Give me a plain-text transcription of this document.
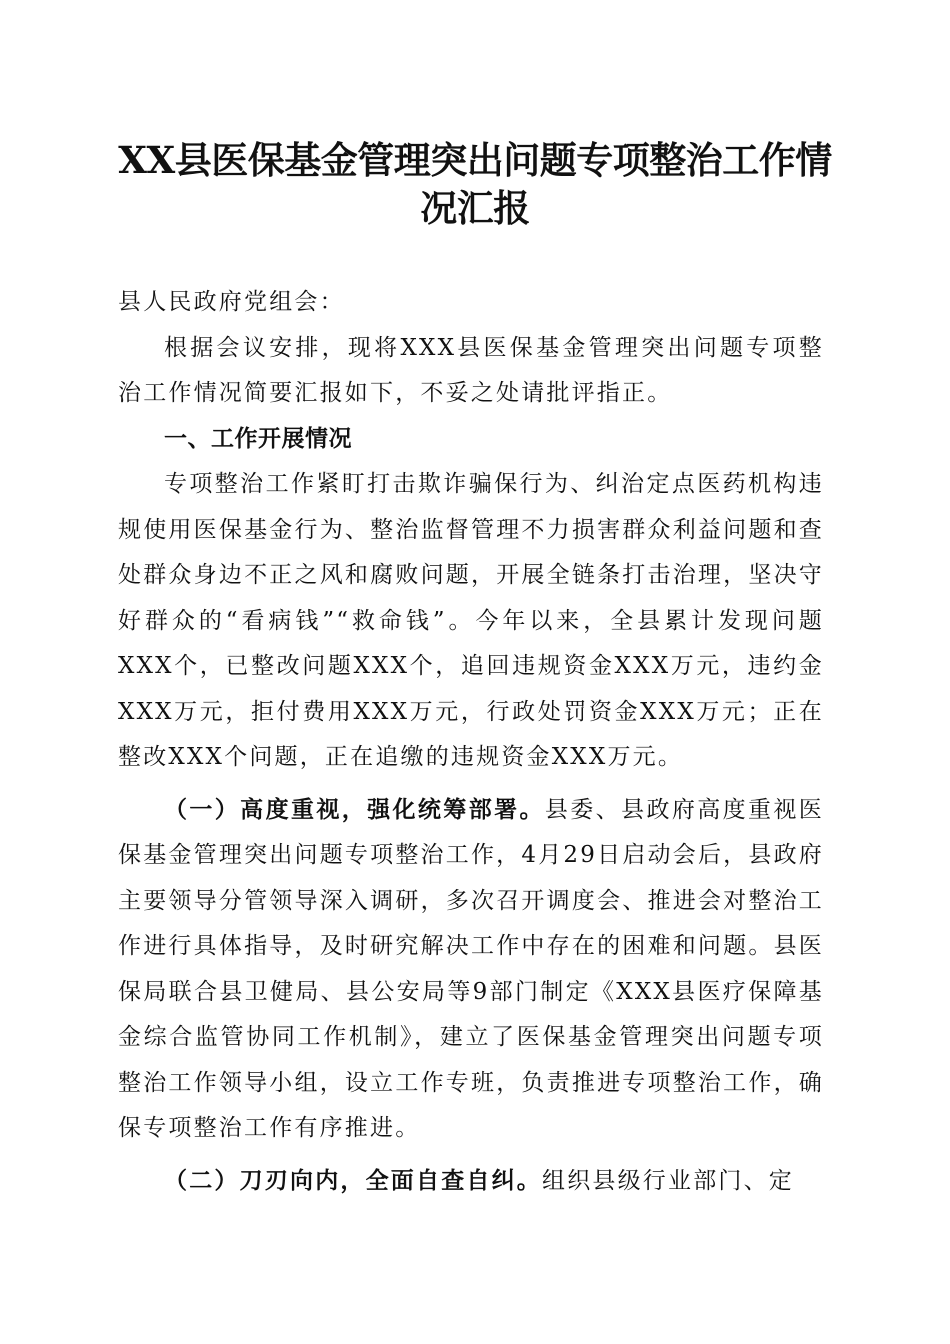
XX县医保基金管理突出问题专项整治工作情况汇报

县人民政府党组会：

根据会议安排，现将XXX县医保基金管理突出问题专项整治工作情况简要汇报如下，不妥之处请批评指正。

一、工作开展情况

专项整治工作紧盯打击欺诈骗保行为、纠治定点医药机构违规使用医保基金行为、整治监督管理不力损害群众利益问题和查处群众身边不正之风和腐败问题，开展全链条打击治理，坚决守好群众的“看病钱”“救命钱”。今年以来，全县累计发现问题XXX个，已整改问题XXX个，追回违规资金XXX万元，违约金XXX万元，拒付费用XXX万元，行政处罚资金XXX万元；正在整改XXX个问题，正在追缴的违规资金XXX万元。

（一）高度重视，强化统筹部署。县委、县政府高度重视医保基金管理突出问题专项整治工作，4月29日启动会后，县政府主要领导分管领导深入调研，多次召开调度会、推进会对整治工作进行具体指导，及时研究解决工作中存在的困难和问题。县医保局联合县卫健局、县公安局等9部门制定《XXX县医疗保障基金综合监管协同工作机制》，建立了医保基金管理突出问题专项整治工作领导小组，设立工作专班，负责推进专项整治工作，确保专项整治工作有序推进。

（二）刀刃向内，全面自查自纠。组织县级行业部门、定
